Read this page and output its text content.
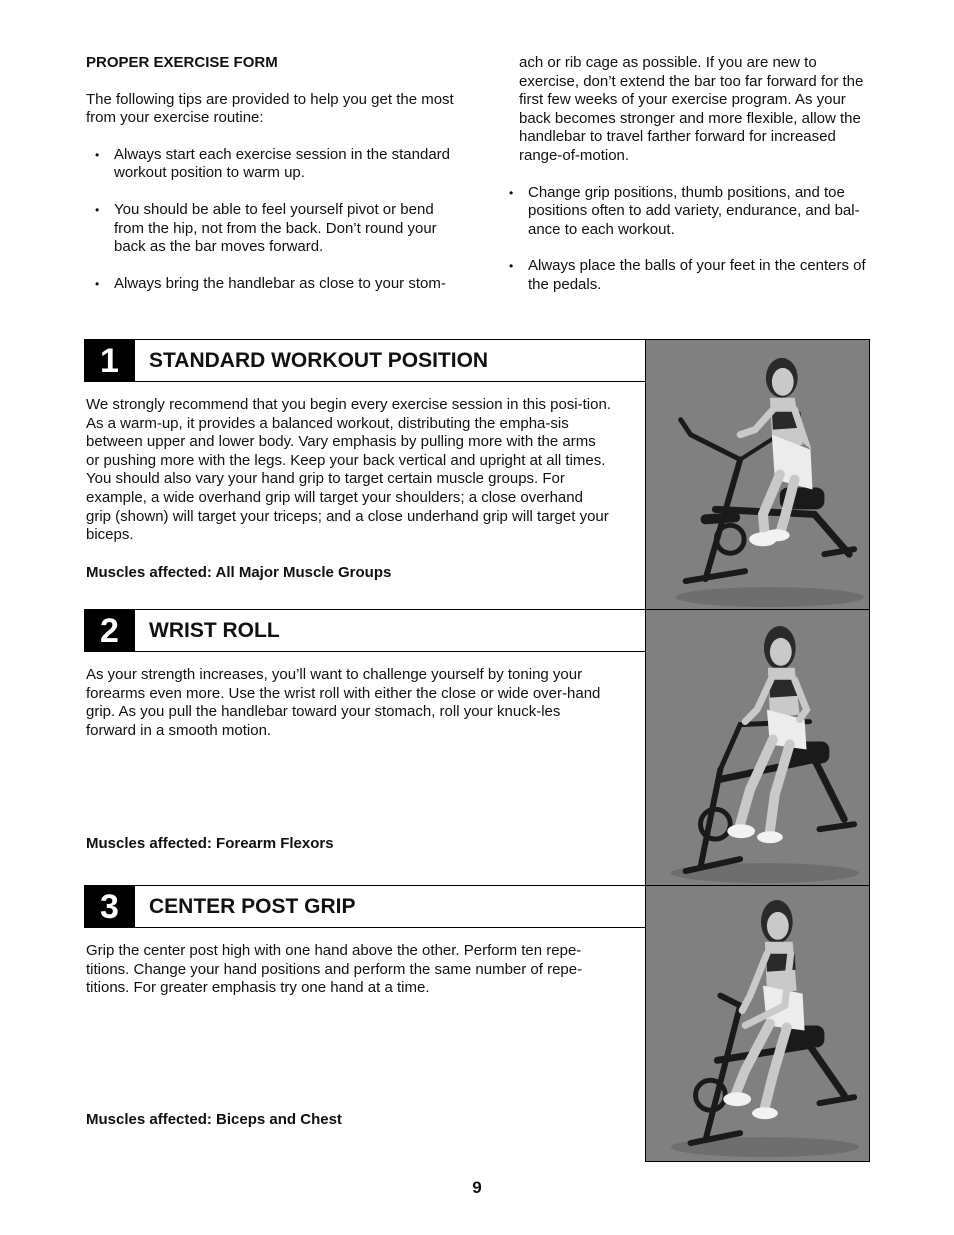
PROPER EXERCISE FORM

The following tips are provided to help you get the most from your exercise routine:

• Always start each exercise session in the standard workout position to warm up.
• You should be able to feel yourself pivot or bend from the hip, not from the back. Don’t round your back as the bar moves forward.
• Always bring the handlebar as close to your stom-

ach or rib cage as possible. If you are new to exercise, don’t extend the bar too far forward for the first few weeks of your exercise program. As your back becomes stronger and more flexible, allow the handlebar to travel farther forward for increased range-of-motion.

• Change grip positions, thumb positions, and toe positions often to add variety, endurance, and bal-ance to each workout.
• Always place the balls of your feet in the centers of the pedals.
1	STANDARD WORKOUT POSITION
We strongly recommend that you begin every exercise session in this posi-tion. As a warm-up, it provides a balanced workout, distributing the empha-sis between upper and lower body. Vary emphasis by pulling more with the arms or pushing more with the legs. Keep your back vertical and upright at all times. You should also vary your hand grip to target certain muscle groups. For example, a wide overhand grip will target your shoulders; a close overhand grip (shown) will target your triceps; and a close underhand grip will target your biceps.
Muscles affected: All Major Muscle Groups
2	WRIST ROLL
As your strength increases, you’ll want to challenge yourself by toning your forearms even more. Use the wrist roll with either the close or wide over-hand grip. As you pull the handlebar toward your stomach, roll your knuck-les forward in a smooth motion.
Muscles affected: Forearm Flexors
3	CENTER POST GRIP
Grip the center post high with one hand above the other. Perform ten repe-titions. Change your hand positions and perform the same number of repe-titions. For greater emphasis try one hand at a time.
Muscles affected: Biceps and Chest
9
